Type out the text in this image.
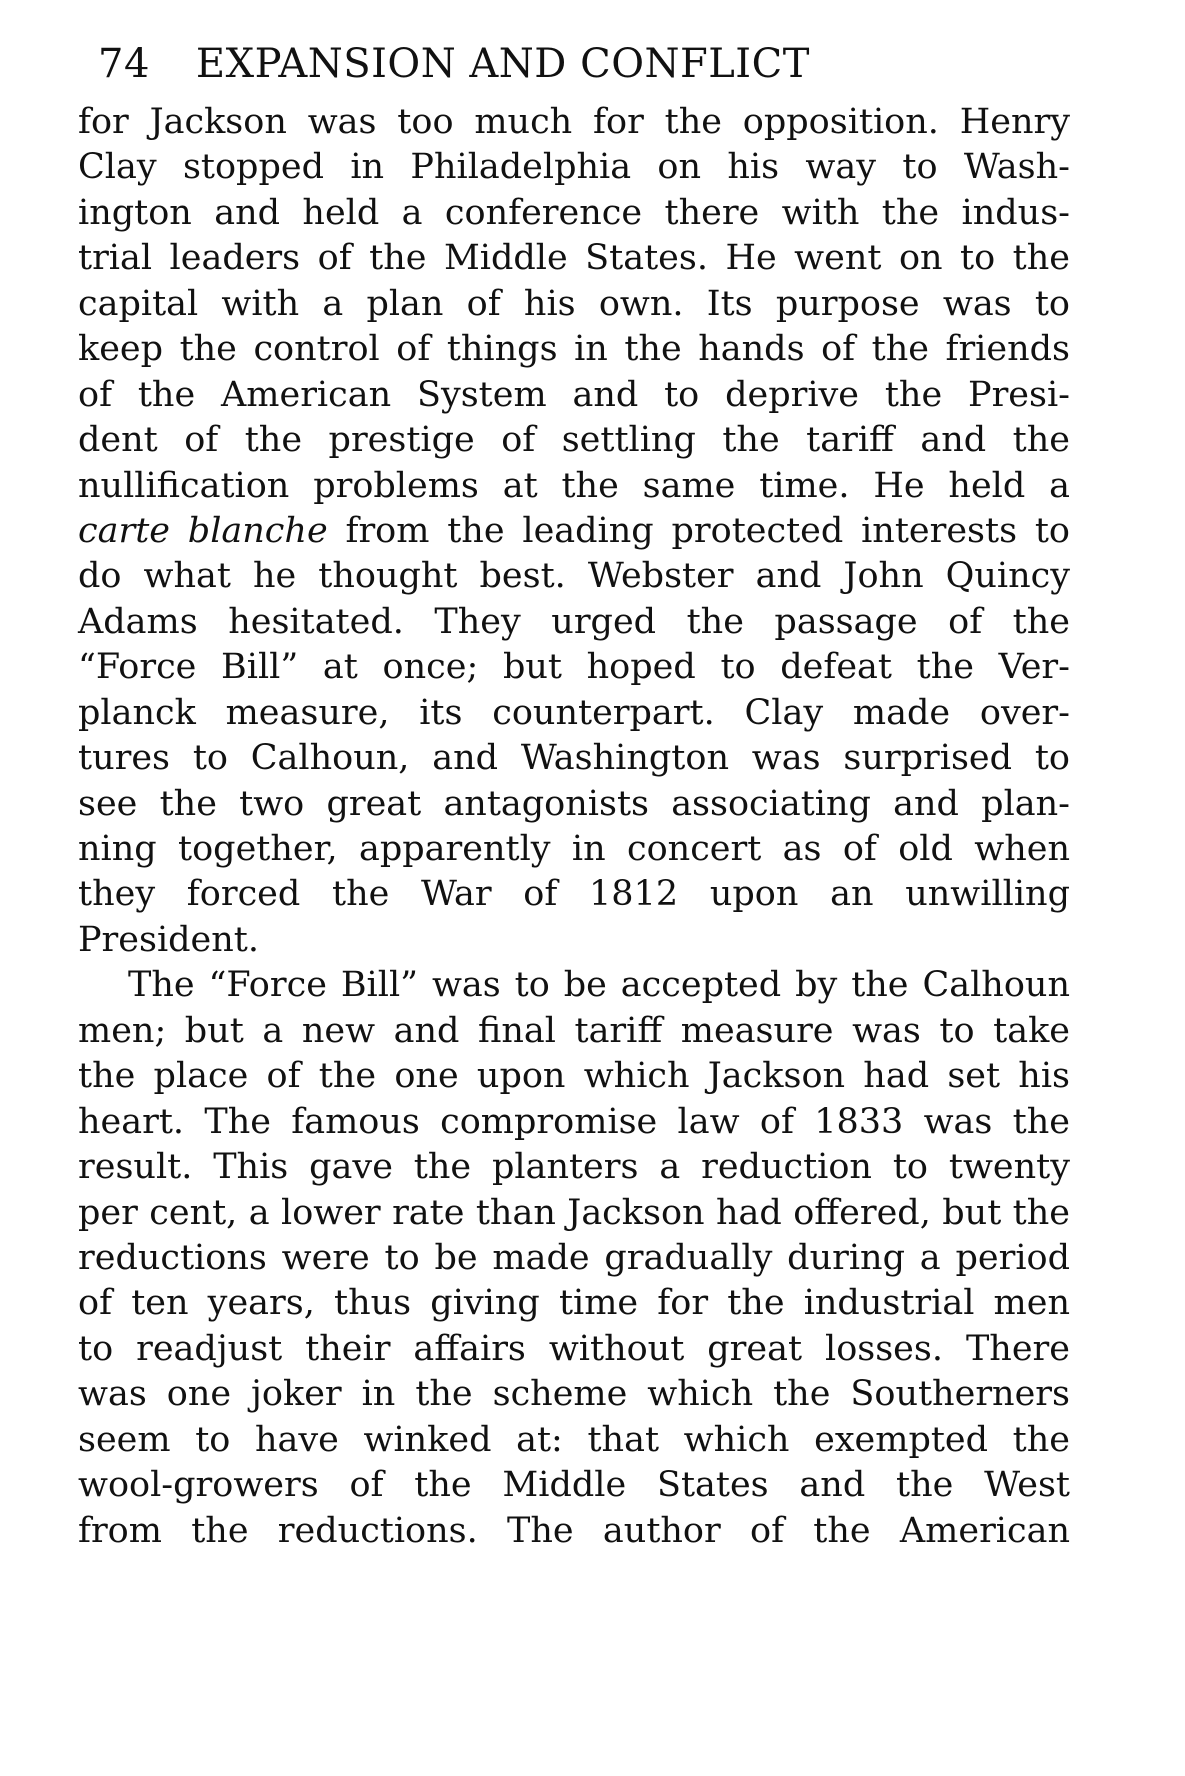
74 EXPANSION AND CONFLICT
for Jackson was too much for the opposition. Henry
Clay stopped in Philadelphia on his way to Wash-
ington and held a conference there with the indus-
trial leaders of the Middle States. He went on to the
capital with a plan of his own. Its purpose was to
keep the control of things in the hands of the friends
of the American System and to deprive the Presi-
dent of the prestige of settling the tariff and the
nullification problems at the same time. He held a
carte blanche from the leading protected interests to
do what he thought best. Webster and John Quincy
Adams hesitated. They urged the passage of the
“Force Bill” at once; but hoped to defeat the Ver-
planck measure, its counterpart. Clay made over-
tures to Calhoun, and Washington was surprised to
see the two great antagonists associating and plan-
ning together, apparently in concert as of old when
they forced the War of 1812 upon an unwilling
President.
The “Force Bill” was to be accepted by the Calhoun
men; but a new and final tariff measure was to take
the place of the one upon which Jackson had set his
heart. The famous compromise law of 1833 was the
result. This gave the planters a reduction to twenty
per cent, a lower rate than Jackson had offered, but the
reductions were to be made gradually during a period
of ten years, thus giving time for the industrial men
to readjust their affairs without great losses. There
was one joker in the scheme which the Southerners
seem to have winked at: that which exempted the
wool-growers of the Middle States and the West
from the reductions. The author of the American
